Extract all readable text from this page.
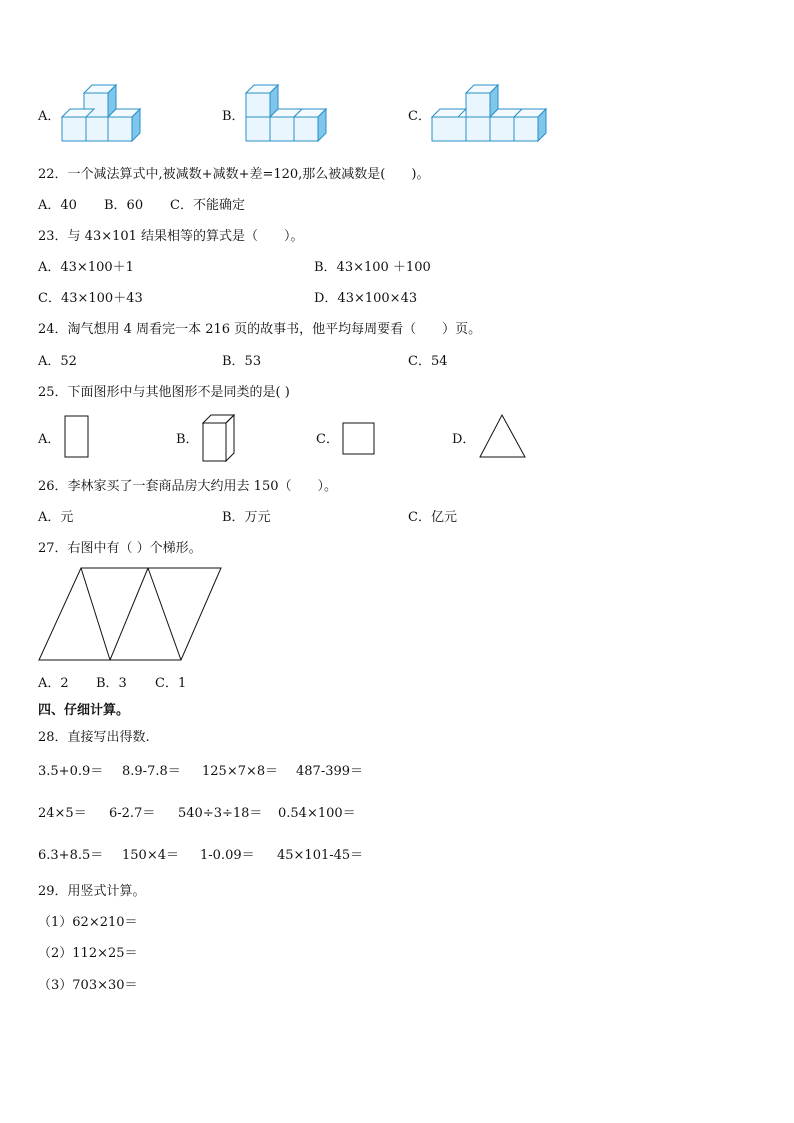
A．	B．	C．
22．一个减法算式中,被减数+减数+差=120,那么被减数是(　　)。
A．40 B．60 C．不能确定
23．与 43×101 结果相等的算式是（　　）。
A．43×100＋1	B．43×100 ＋100
C．43×100＋43	D．43×100×43
24．淘气想用 4 周看完一本 216 页的故事书，他平均每周要看（　　）页。
A．52	B．53	C．54
25．下面图形中与其他图形不是同类的是( )
A．	B．	C．	D．
26．李林家买了一套商品房大约用去 150（　　）。
A．元	B．万元	C．亿元
27．右图中有（ ）个梯形。
A．2 B．3 C．1
四、仔细计算。
28．直接写出得数.
3.5+0.9＝ 8.9-7.8＝ 125×7×8＝ 487-399＝
24×5＝ 6-2.7＝ 540÷3÷18＝ 0.54×100＝
6.3+8.5＝ 150×4＝ 1-0.09＝ 45×101-45＝
29．用竖式计算。
（1）62×210＝
（2）112×25＝
（3）703×30＝
